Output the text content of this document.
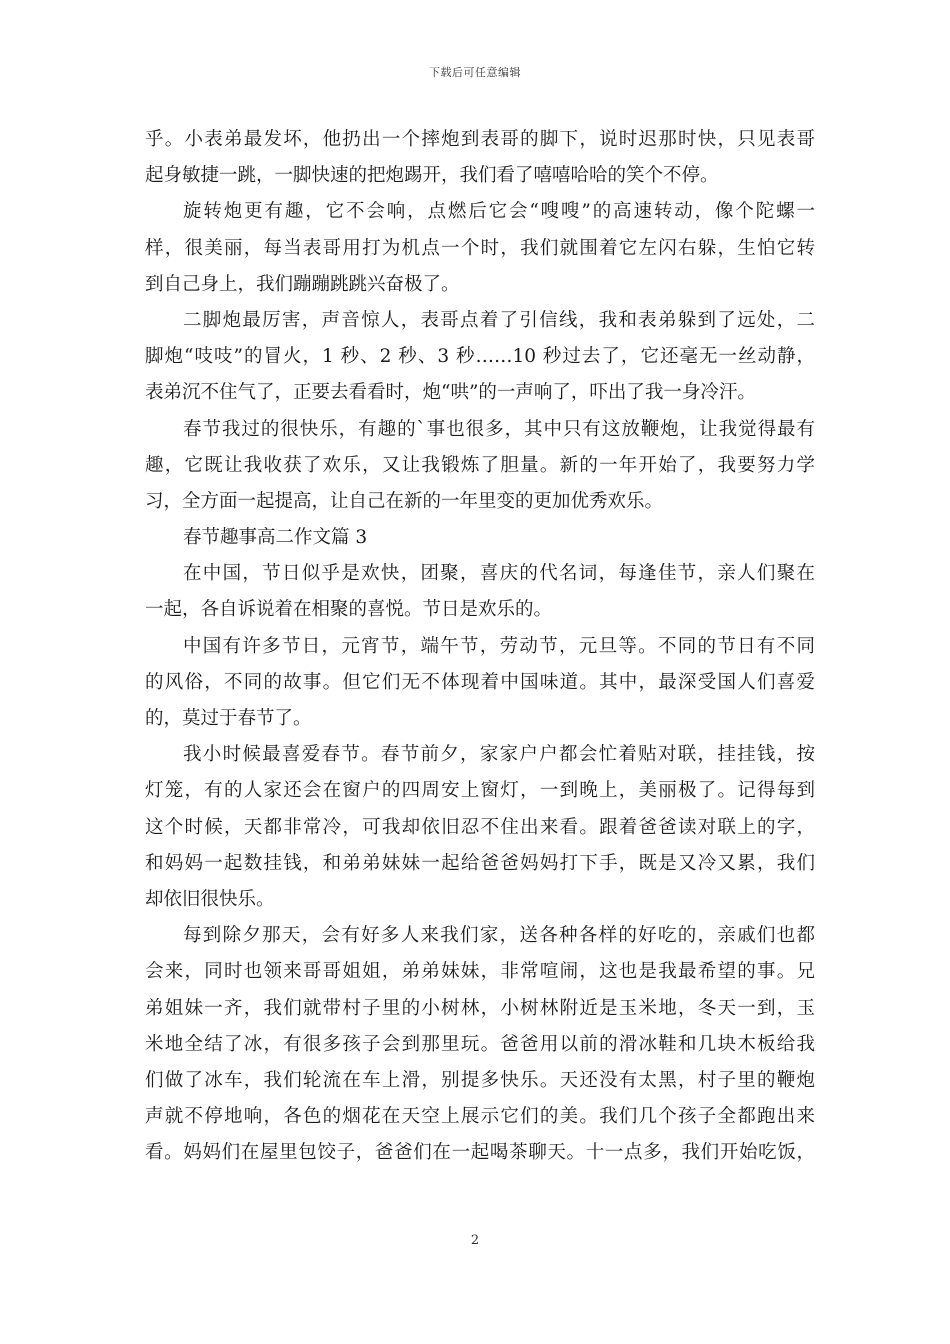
下载后可任意编辑
乎。小表弟最发坏，他扔出一个摔炮到表哥的脚下，说时迟那时快，只见表哥
起身敏捷一跳，一脚快速的把炮踢开，我们看了嘻嘻哈哈的笑个不停。
旋转炮更有趣，它不会响，点燃后它会“嗖嗖”的高速转动，像个陀螺一
样，很美丽，每当表哥用打为机点一个时，我们就围着它左闪右躲，生怕它转
到自己身上，我们蹦蹦跳跳兴奋极了。
二脚炮最厉害，声音惊人，表哥点着了引信线，我和表弟躲到了远处，二
脚炮“吱吱”的冒火，1 秒、2 秒、3 秒……10 秒过去了，它还毫无一丝动静，
表弟沉不住气了，正要去看看时，炮“哄”的一声响了，吓出了我一身冷汗。
春节我过的很快乐，有趣的`事也很多，其中只有这放鞭炮，让我觉得最有
趣，它既让我收获了欢乐，又让我锻炼了胆量。新的一年开始了，我要努力学
习，全方面一起提高，让自己在新的一年里变的更加优秀欢乐。
春节趣事高二作文篇 3
在中国，节日似乎是欢快，团聚，喜庆的代名词，每逢佳节，亲人们聚在
一起，各自诉说着在相聚的喜悦。节日是欢乐的。
中国有许多节日，元宵节，端午节，劳动节，元旦等。不同的节日有不同
的风俗，不同的故事。但它们无不体现着中国味道。其中，最深受国人们喜爱
的，莫过于春节了。
我小时候最喜爱春节。春节前夕，家家户户都会忙着贴对联，挂挂钱，按
灯笼，有的人家还会在窗户的四周安上窗灯，一到晚上，美丽极了。记得每到
这个时候，天都非常冷，可我却依旧忍不住出来看。跟着爸爸读对联上的字，
和妈妈一起数挂钱，和弟弟妹妹一起给爸爸妈妈打下手，既是又冷又累，我们
却依旧很快乐。
每到除夕那天，会有好多人来我们家，送各种各样的好吃的，亲戚们也都
会来，同时也领来哥哥姐姐，弟弟妹妹，非常喧闹，这也是我最希望的事。兄
弟姐妹一齐，我们就带村子里的小树林，小树林附近是玉米地，冬天一到，玉
米地全结了冰，有很多孩子会到那里玩。爸爸用以前的滑冰鞋和几块木板给我
们做了冰车，我们轮流在车上滑，别提多快乐。天还没有太黑，村子里的鞭炮
声就不停地响，各色的烟花在天空上展示它们的美。我们几个孩子全都跑出来
看。妈妈们在屋里包饺子，爸爸们在一起喝茶聊天。十一点多，我们开始吃饭，
2
